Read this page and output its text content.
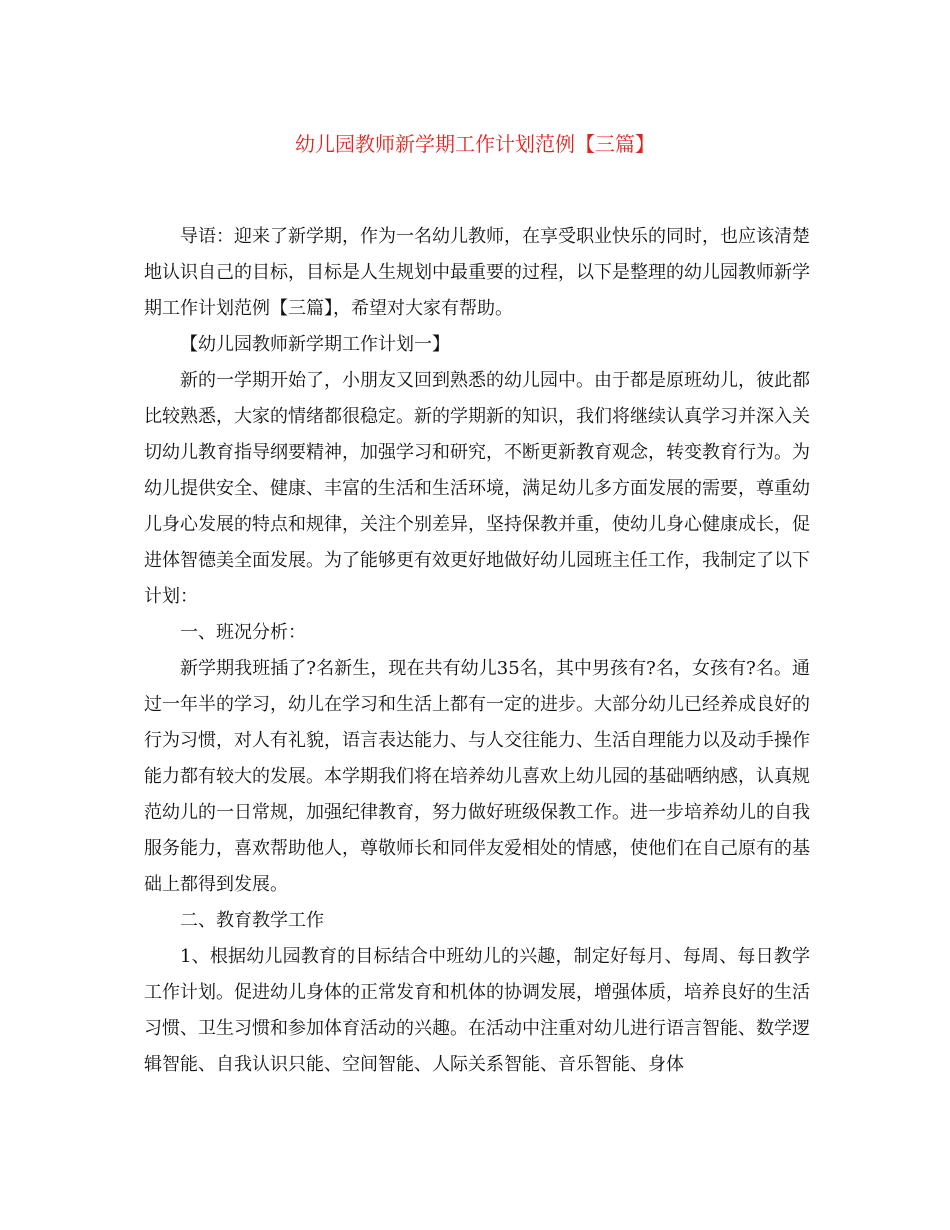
幼儿园教师新学期工作计划范例【三篇】

导语：迎来了新学期，作为一名幼儿教师，在享受职业快乐的同时，也应该清楚地认识自己的目标，目标是人生规划中最重要的过程，以下是整理的幼儿园教师新学期工作计划范例【三篇】，希望对大家有帮助。

【幼儿园教师新学期工作计划一】

新的一学期开始了，小朋友又回到熟悉的幼儿园中。由于都是原班幼儿，彼此都比较熟悉，大家的情绪都很稳定。新的学期新的知识，我们将继续认真学习并深入关切幼儿教育指导纲要精神，加强学习和研究，不断更新教育观念，转变教育行为。为幼儿提供安全、健康、丰富的生活和生活环境，满足幼儿多方面发展的需要，尊重幼儿身心发展的特点和规律，关注个别差异，坚持保教并重，使幼儿身心健康成长，促进体智德美全面发展。为了能够更有效更好地做好幼儿园班主任工作，我制定了以下计划：

一、班况分析：

新学期我班插了?名新生，现在共有幼儿35名，其中男孩有?名，女孩有?名。通过一年半的学习，幼儿在学习和生活上都有一定的进步。大部分幼儿已经养成良好的行为习惯，对人有礼貌，语言表达能力、与人交往能力、生活自理能力以及动手操作能力都有较大的发展。本学期我们将在培养幼儿喜欢上幼儿园的基础哂纳感，认真规范幼儿的一日常规，加强纪律教育，努力做好班级保教工作。进一步培养幼儿的自我服务能力，喜欢帮助他人，尊敬师长和同伴友爱相处的情感，使他们在自己原有的基础上都得到发展。

二、教育教学工作

1、根据幼儿园教育的目标结合中班幼儿的兴趣，制定好每月、每周、每日教学工作计划。促进幼儿身体的正常发育和机体的协调发展，增强体质，培养良好的生活习惯、卫生习惯和参加体育活动的兴趣。在活动中注重对幼儿进行语言智能、数学逻辑智能、自我认识只能、空间智能、人际关系智能、音乐智能、身体
